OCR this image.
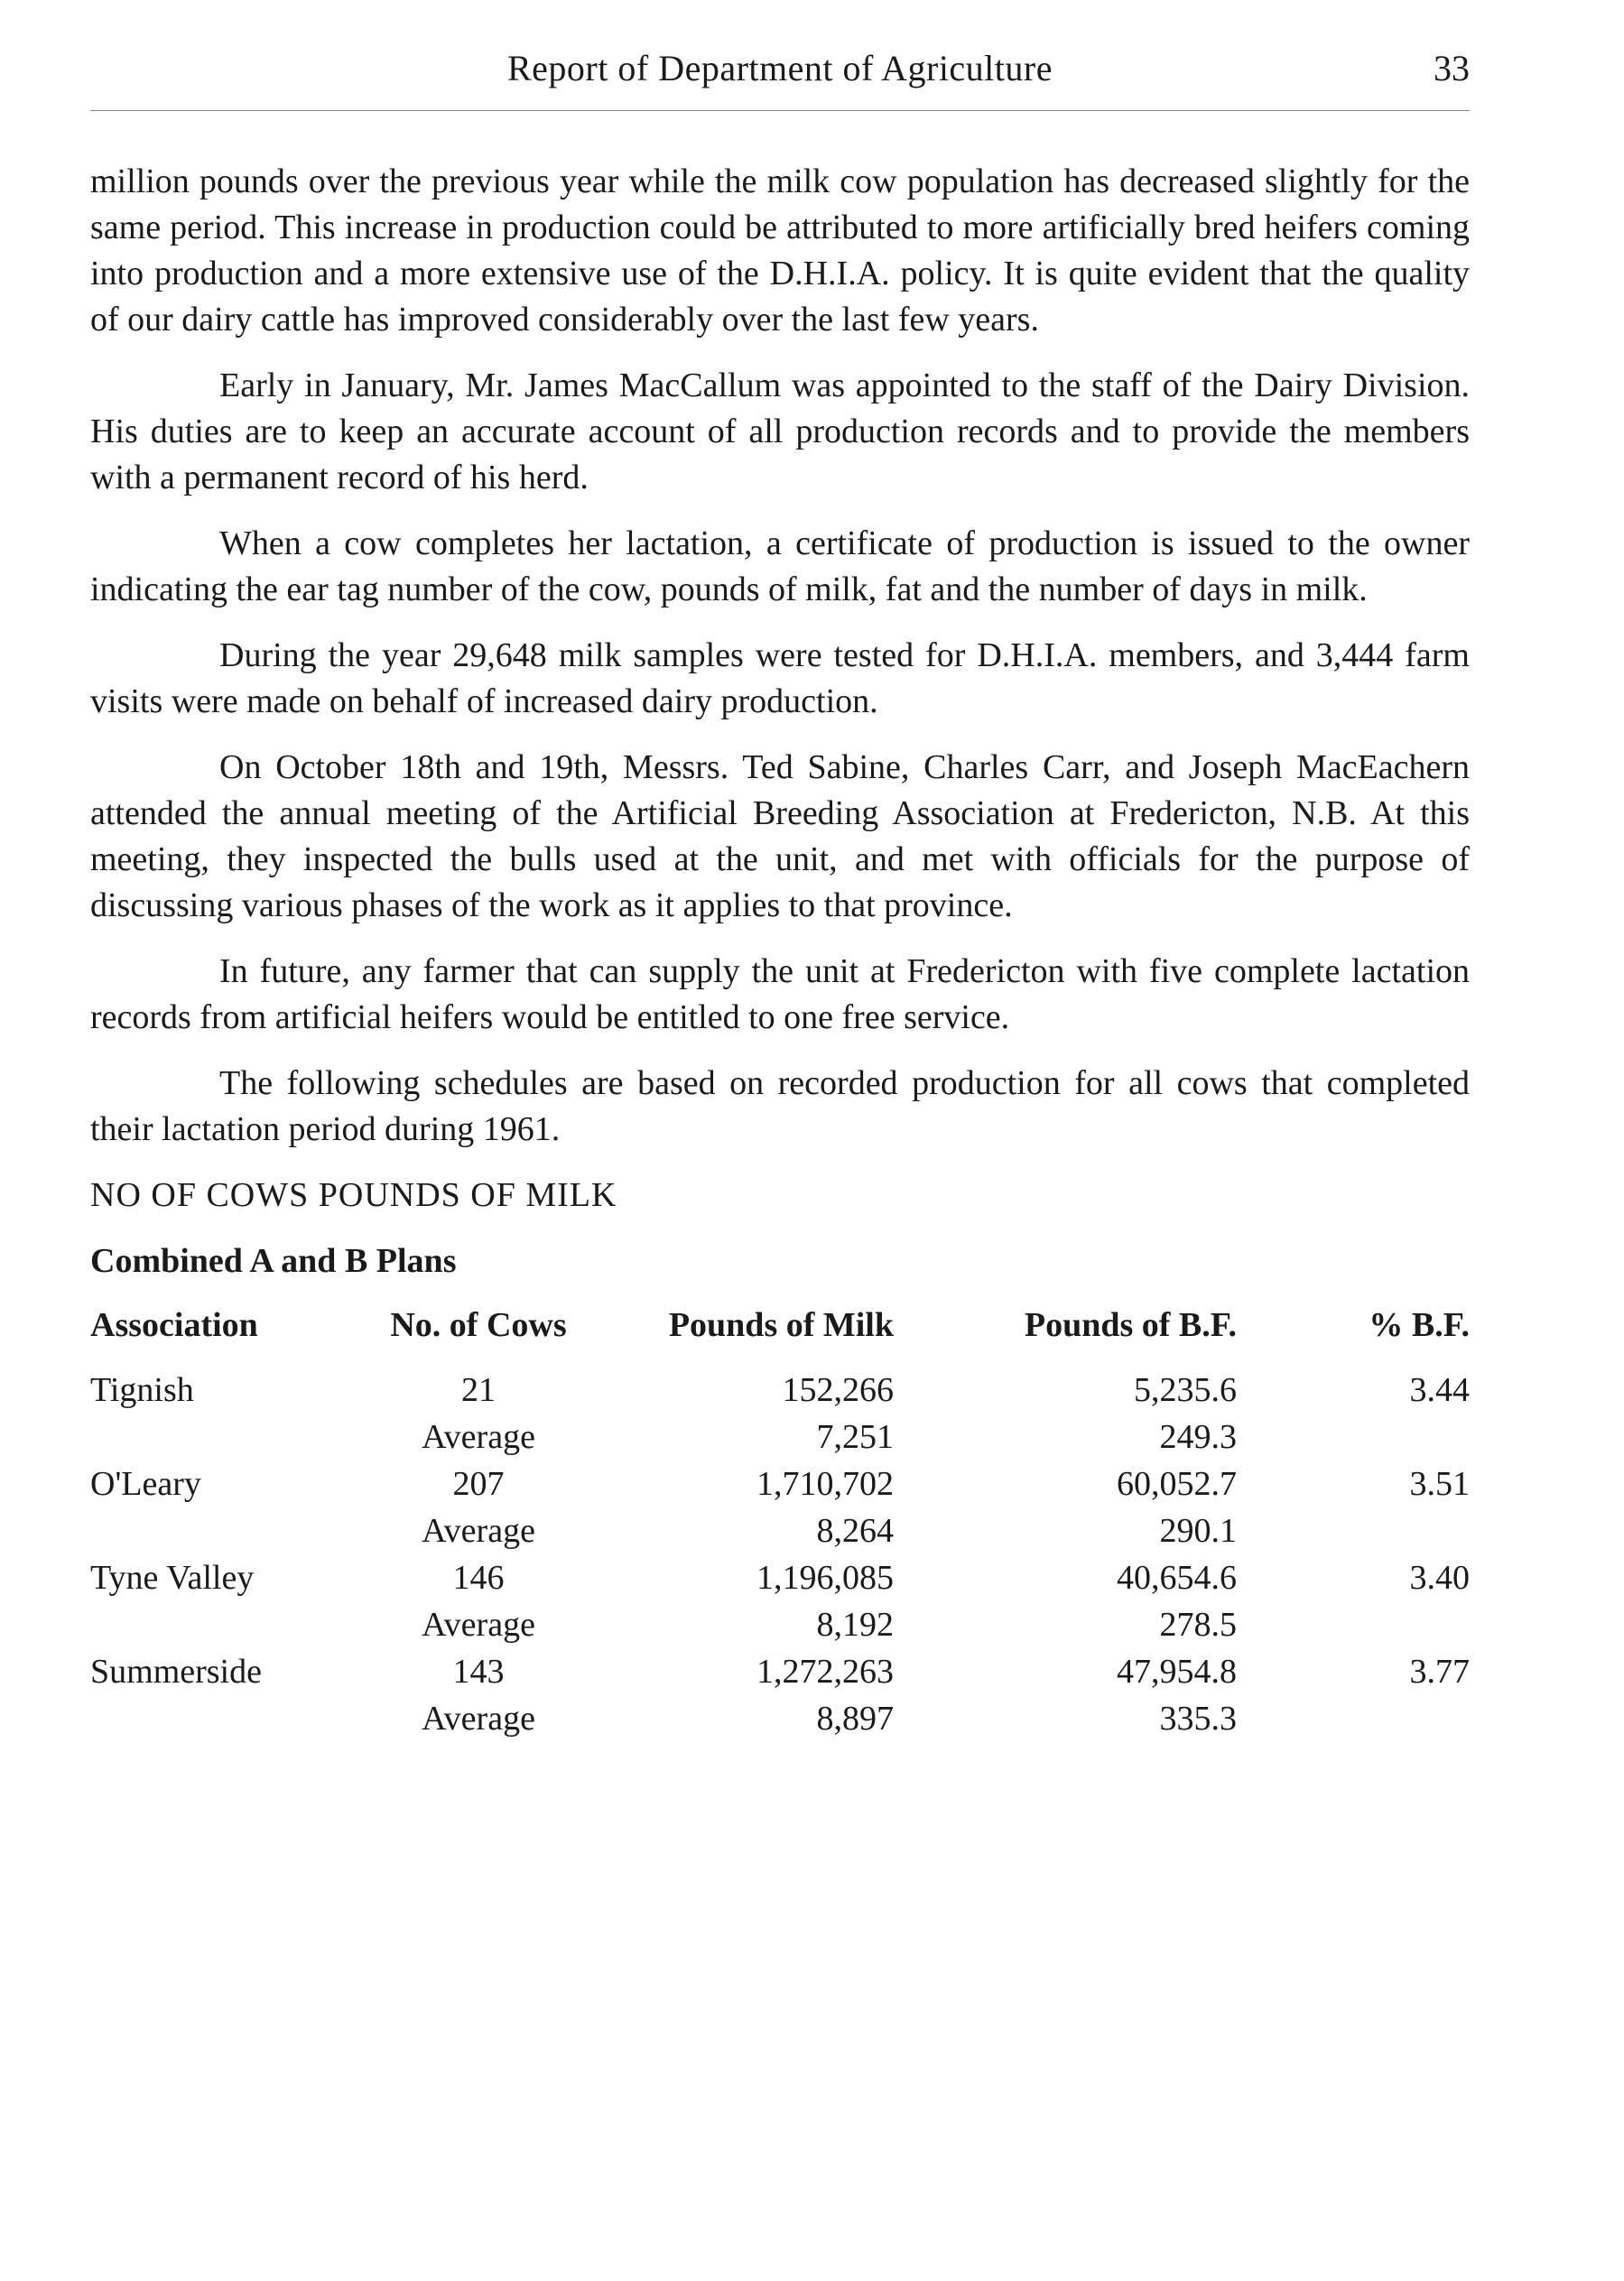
Report of Department of Agriculture	33

million pounds over the previous year while the milk cow population has decreased slightly for the same period. This increase in production could be attributed to more artificially bred heifers coming into production and a more extensive use of the D.H.I.A. policy. It is quite evident that the quality of our dairy cattle has improved considerably over the last few years.

Early in January, Mr. James MacCallum was appointed to the staff of the Dairy Division. His duties are to keep an accurate account of all production records and to provide the members with a permanent record of his herd.

When a cow completes her lactation, a certificate of production is issued to the owner indicating the ear tag number of the cow, pounds of milk, fat and the number of days in milk.

During the year 29,648 milk samples were tested for D.H.I.A. members, and 3,444 farm visits were made on behalf of increased dairy production.

On October 18th and 19th, Messrs. Ted Sabine, Charles Carr, and Joseph MacEachern attended the annual meeting of the Artificial Breeding Association at Fredericton, N.B. At this meeting, they inspected the bulls used at the unit, and met with officials for the purpose of discussing various phases of the work as it applies to that province.

In future, any farmer that can supply the unit at Fredericton with five complete lactation records from artificial heifers would be entitled to one free service.

The following schedules are based on recorded production for all cows that completed their lactation period during 1961.

NO OF COWS POUNDS OF MILK
Combined A and B Plans
Association	No. of Cows	Pounds of Milk	Pounds of B.F.	% B.F.
Tignish	21	152,266	5,235.6	3.44
	Average	7,251	249.3	
O'Leary	207	1,710,702	60,052.7	3.51
	Average	8,264	290.1	
Tyne Valley	146	1,196,085	40,654.6	3.40
	Average	8,192	278.5	
Summerside	143	1,272,263	47,954.8	3.77
	Average	8,897	335.3	
